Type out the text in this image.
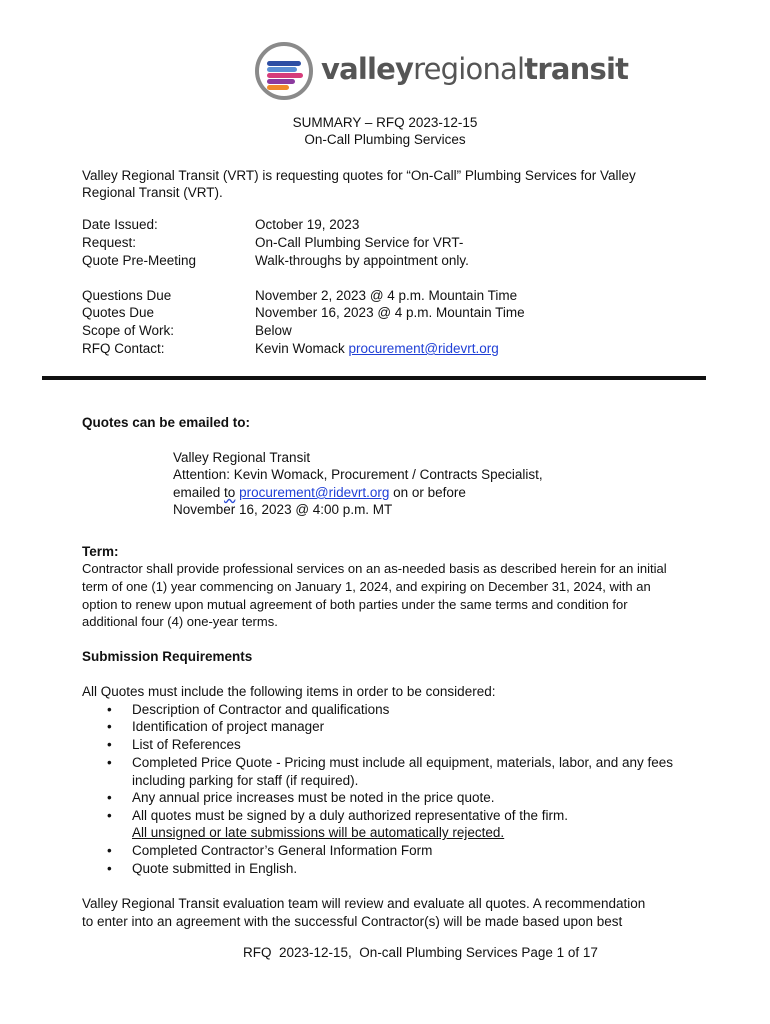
valleyregionaltransit
SUMMARY – RFQ 2023-12-15
On-Call Plumbing Services
Valley Regional Transit (VRT) is requesting quotes for “On-Call” Plumbing Services for Valley
Regional Transit (VRT).
Date Issued:	October 19, 2023
Request:	On-Call Plumbing Service for VRT-
Quote Pre-Meeting	Walk-throughs by appointment only.
Questions Due	November 2, 2023 @ 4 p.m. Mountain Time
Quotes Due	November 16, 2023 @ 4 p.m. Mountain Time
Scope of Work:	Below
RFQ Contact:	Kevin Womack procurement@ridevrt.org
Quotes can be emailed to:
Valley Regional Transit
Attention: Kevin Womack, Procurement / Contracts Specialist,
emailed to procurement@ridevrt.org on or before
November 16, 2023 @ 4:00 p.m. MT
Term:
Contractor shall provide professional services on an as-needed basis as described herein for an initial
term of one (1) year commencing on January 1, 2024, and expiring on December 31, 2024, with an
option to renew upon mutual agreement of both parties under the same terms and condition for
additional four (4) one-year terms.
Submission Requirements
All Quotes must include the following items in order to be considered:
• Description of Contractor and qualifications
• Identification of project manager
• List of References
• Completed Price Quote - Pricing must include all equipment, materials, labor, and any fees
including parking for staff (if required).
• Any annual price increases must be noted in the price quote.
• All quotes must be signed by a duly authorized representative of the firm.
All unsigned or late submissions will be automatically rejected.
• Completed Contractor’s General Information Form
• Quote submitted in English.
Valley Regional Transit evaluation team will review and evaluate all quotes. A recommendation
to enter into an agreement with the successful Contractor(s) will be made based upon best
RFQ  2023-12-15,  On-call Plumbing Services Page 1 of 17
